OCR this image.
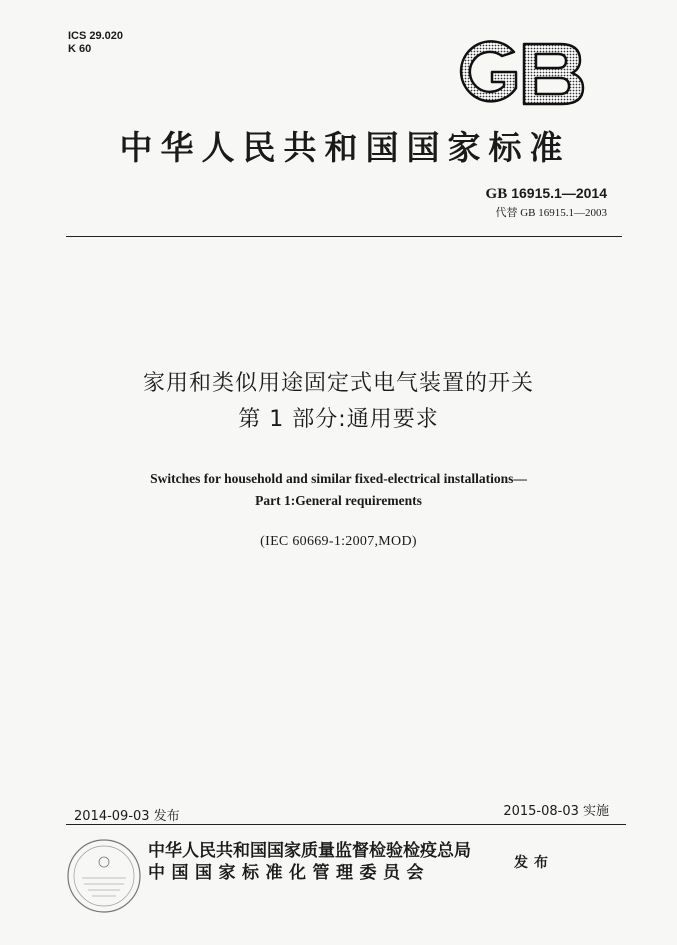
ICS 29.020
K 60
中华人民共和国国家标准
GB 16915.1—2014
代替 GB 16915.1—2003
家用和类似用途固定式电气装置的开关
第 1 部分:通用要求
Switches for household and similar fixed-electrical installations—
Part 1:General requirements
(IEC 60669-1:2007,MOD)
2014-09-03 发布	2015-08-03 实施
中华人民共和国国家质量监督检验检疫总局
中国国家标准化管理委员会	发布
